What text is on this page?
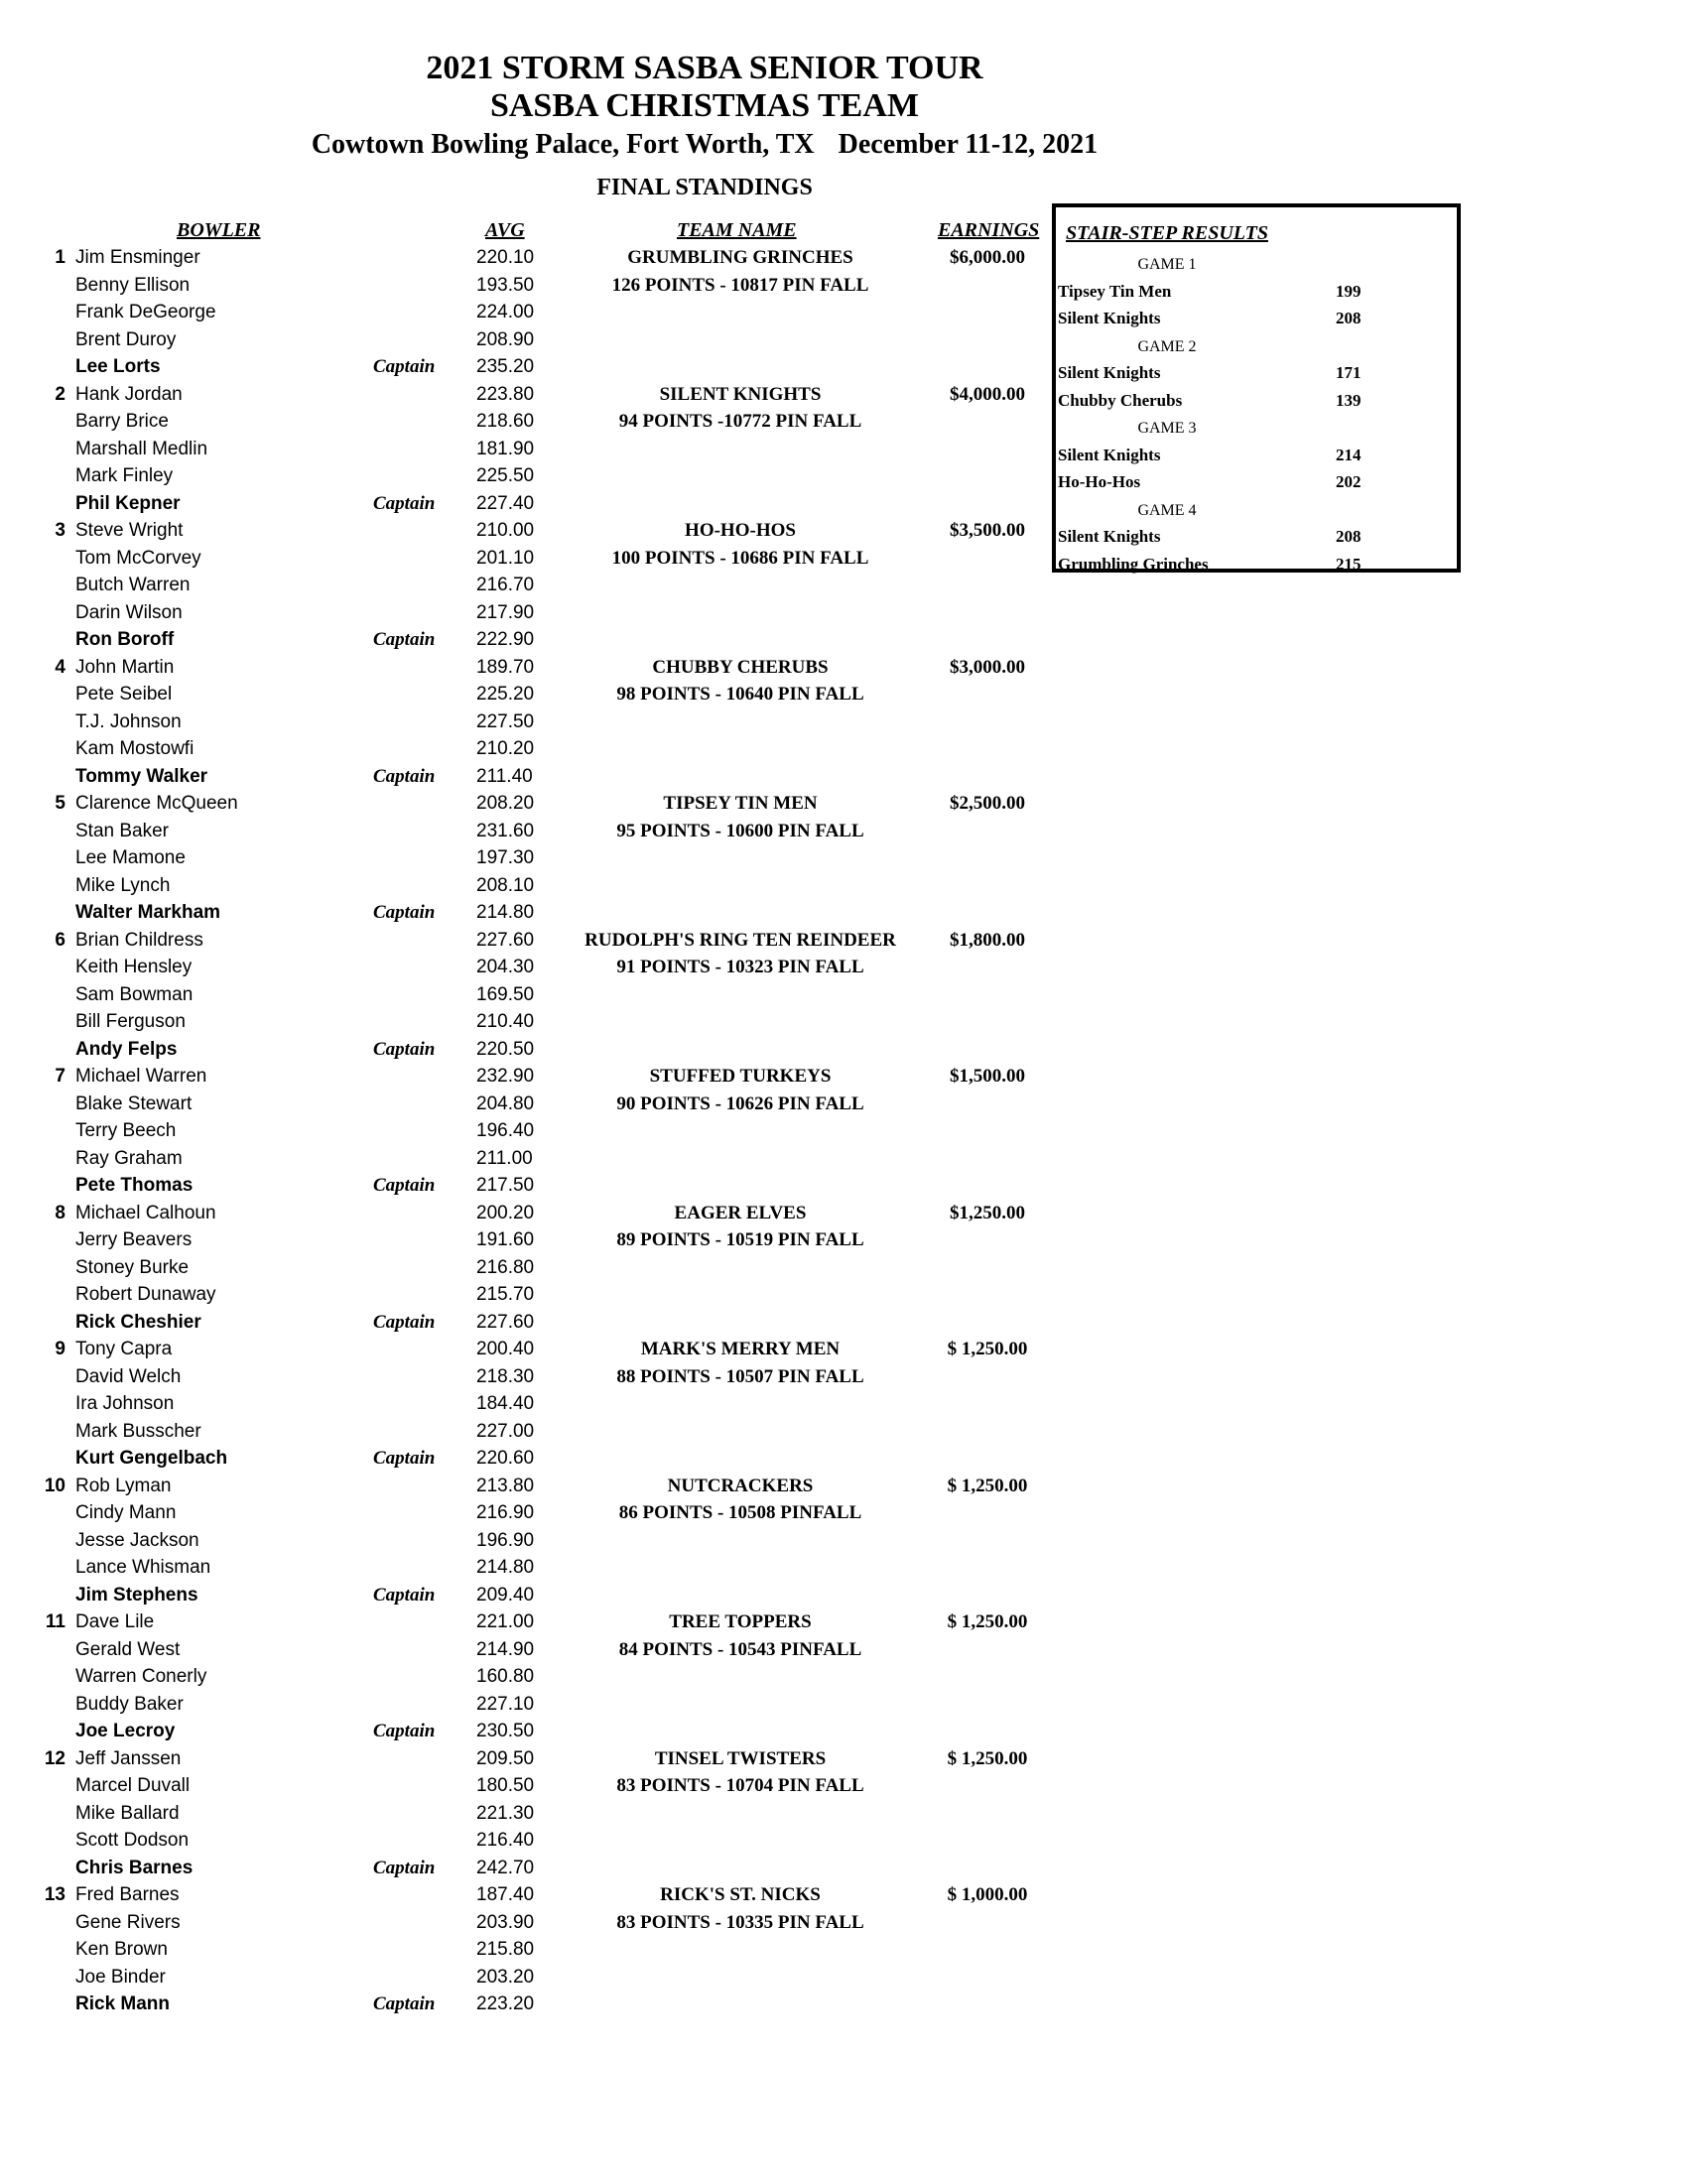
2021 STORM SASBA SENIOR TOUR
SASBA CHRISTMAS TEAM
Cowtown Bowling Palace, Fort Worth, TX December 11-12, 2021
FINAL STANDINGS
BOWLER	AVG	TEAM NAME	EARNINGS
1 Jim Ensminger	220.10	GRUMBLING GRINCHES	$6,000.00
Benny Ellison	193.50	126 POINTS - 10817 PIN FALL
Frank DeGeorge	224.00
Brent Duroy	208.90
Lee Lorts	Captain 235.20
2 Hank Jordan	223.80	SILENT KNIGHTS	$4,000.00
Barry Brice	218.60	94 POINTS -10772 PIN FALL
Marshall Medlin	181.90
Mark Finley	225.50
Phil Kepner	Captain 227.40
3 Steve Wright	210.00	HO-HO-HOS	$3,500.00
Tom McCorvey	201.10	100 POINTS - 10686 PIN FALL
Butch Warren	216.70
Darin Wilson	217.90
Ron Boroff	Captain 222.90
4 John Martin	189.70	CHUBBY CHERUBS	$3,000.00
Pete Seibel	225.20	98 POINTS - 10640 PIN FALL
T.J. Johnson	227.50
Kam Mostowfi	210.20
Tommy Walker	Captain 211.40
5 Clarence McQueen	208.20	TIPSEY TIN MEN	$2,500.00
Stan Baker	231.60	95 POINTS - 10600 PIN FALL
Lee Mamone	197.30
Mike Lynch	208.10
Walter Markham	Captain 214.80
6 Brian Childress	227.60	RUDOLPH'S RING TEN REINDEER	$1,800.00
Keith Hensley	204.30	91 POINTS - 10323 PIN FALL
Sam Bowman	169.50
Bill Ferguson	210.40
Andy Felps	Captain 220.50
7 Michael Warren	232.90	STUFFED TURKEYS	$1,500.00
Blake Stewart	204.80	90 POINTS - 10626 PIN FALL
Terry Beech	196.40
Ray Graham	211.00
Pete Thomas	Captain 217.50
8 Michael Calhoun	200.20	EAGER ELVES	$1,250.00
Jerry Beavers	191.60	89 POINTS - 10519 PIN FALL
Stoney Burke	216.80
Robert Dunaway	215.70
Rick Cheshier	Captain 227.60
9 Tony Capra	200.40	MARK'S MERRY MEN	$ 1,250.00
David Welch	218.30	88 POINTS - 10507 PIN FALL
Ira Johnson	184.40
Mark Busscher	227.00
Kurt Gengelbach	Captain 220.60
10 Rob Lyman	213.80	NUTCRACKERS	$ 1,250.00
Cindy Mann	216.90	86 POINTS - 10508 PINFALL
Jesse Jackson	196.90
Lance Whisman	214.80
Jim Stephens	Captain 209.40
11 Dave Lile	221.00	TREE TOPPERS	$ 1,250.00
Gerald West	214.90	84 POINTS - 10543 PINFALL
Warren Conerly	160.80
Buddy Baker	227.10
Joe Lecroy	Captain 230.50
12 Jeff Janssen	209.50	TINSEL TWISTERS	$ 1,250.00
Marcel Duvall	180.50	83 POINTS - 10704 PIN FALL
Mike Ballard	221.30
Scott Dodson	216.40
Chris Barnes	Captain 242.70
13 Fred Barnes	187.40	RICK'S ST. NICKS	$ 1,000.00
Gene Rivers	203.90	83 POINTS - 10335 PIN FALL
Ken Brown	215.80
Joe Binder	203.20
Rick Mann	Captain 223.20
STAIR-STEP RESULTS
GAME 1
Tipsey Tin Men	199
Silent Knights	208
GAME 2
Silent Knights	171
Chubby Cherubs	139
GAME 3
Silent Knights	214
Ho-Ho-Hos	202
GAME 4
Silent Knights	208
Grumbling Grinches	215
